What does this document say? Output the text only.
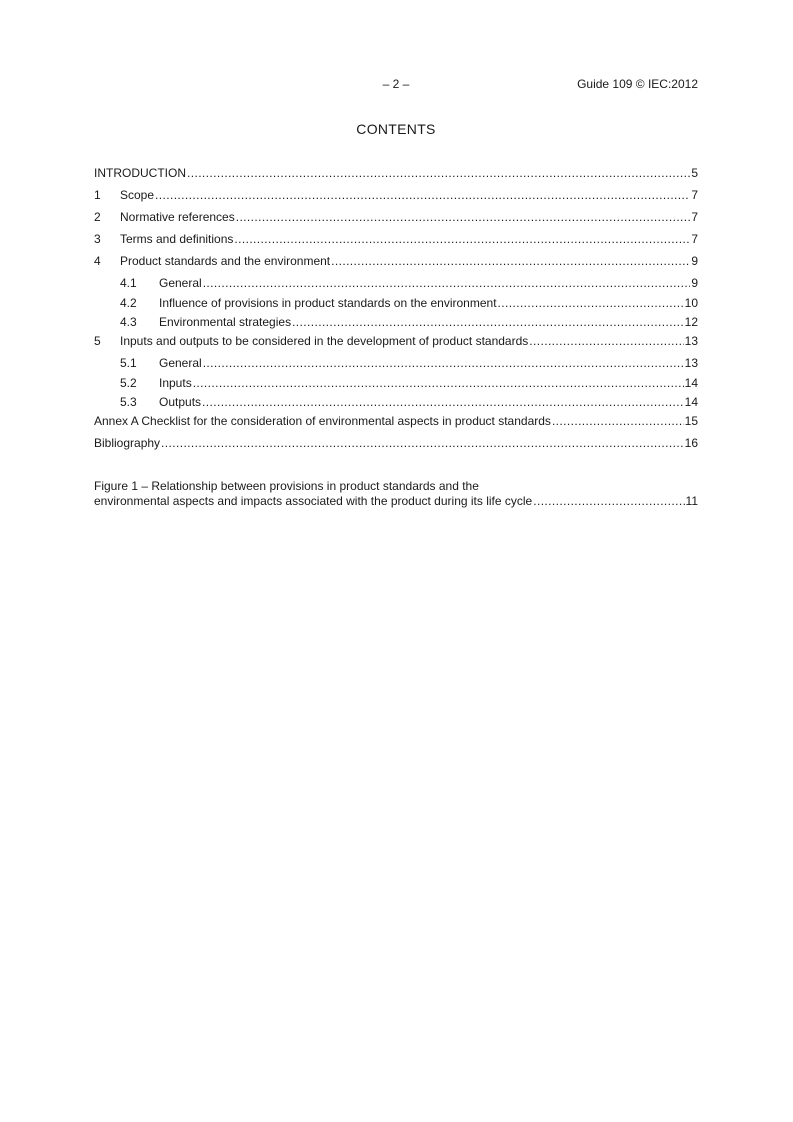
– 2 –	Guide 109 © IEC:2012
CONTENTS
INTRODUCTION .....	5
1	Scope .....	7
2	Normative references .....	7
3	Terms and definitions .....	7
4	Product standards and the environment .....	9
4.1	General .....	9
4.2	Influence of provisions in product standards on the environment .....	10
4.3	Environmental strategies .....	12
5	Inputs and outputs to be considered in the development of product standards .....	13
5.1	General .....	13
5.2	Inputs .....	14
5.3	Outputs .....	14
Annex A Checklist for the consideration of environmental aspects in product standards .....	15
Bibliography .....	16
Figure 1 – Relationship between provisions in product standards and the
environmental aspects and impacts associated with the product during its life cycle .....	11
